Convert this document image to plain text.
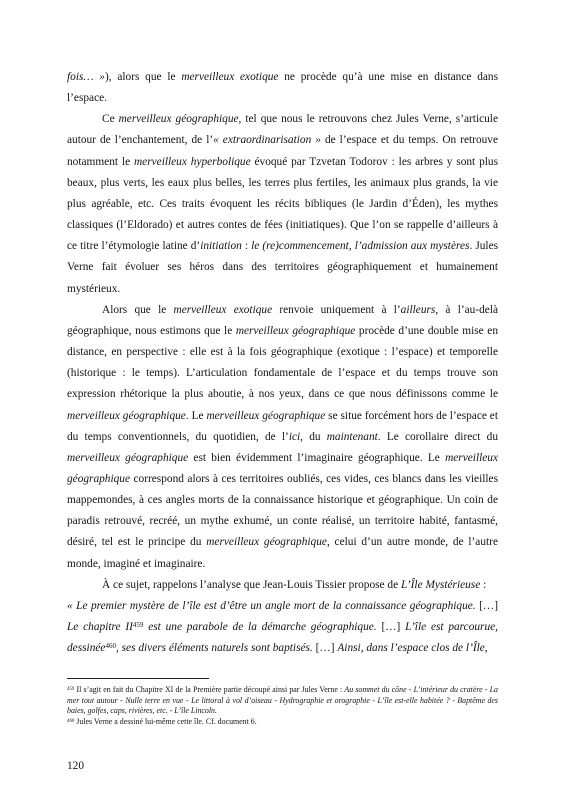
fois… »), alors que le merveilleux exotique ne procède qu’à une mise en distance dans l’espace.

Ce merveilleux géographique, tel que nous le retrouvons chez Jules Verne, s’articule autour de l’enchantement, de l’« extraordinarisation » de l’espace et du temps. On retrouve notamment le merveilleux hyperbolique évoqué par Tzvetan Todorov : les arbres y sont plus beaux, plus verts, les eaux plus belles, les terres plus fertiles, les animaux plus grands, la vie plus agréable, etc. Ces traits évoquent les récits bibliques (le Jardin d’Éden), les mythes classiques (l’Eldorado) et autres contes de fées (initiatiques). Que l’on se rappelle d’ailleurs à ce titre l’étymologie latine d’initiation : le (re)commencement, l’admission aux mystères. Jules Verne fait évoluer ses héros dans des territoires géographiquement et humainement mystérieux.

Alors que le merveilleux exotique renvoie uniquement à l’ailleurs, à l’au-delà géographique, nous estimons que le merveilleux géographique procède d’une double mise en distance, en perspective : elle est à la fois géographique (exotique : l’espace) et temporelle (historique : le temps). L’articulation fondamentale de l’espace et du temps trouve son expression rhétorique la plus aboutie, à nos yeux, dans ce que nous définissons comme le merveilleux géographique. Le merveilleux géographique se situe forcément hors de l’espace et du temps conventionnels, du quotidien, de l’ici, du maintenant. Le corollaire direct du merveilleux géographique est bien évidemment l’imaginaire géographique. Le merveilleux géographique correspond alors à ces territoires oubliés, ces vides, ces blancs dans les vieilles mappemondes, à ces angles morts de la connaissance historique et géographique. Un coin de paradis retrouvé, recréé, un mythe exhumé, un conte réalisé, un territoire habité, fantasmé, désiré, tel est le principe du merveilleux géographique, celui d’un autre monde, de l’autre monde, imaginé et imaginaire.

À ce sujet, rappelons l’analyse que Jean-Louis Tissier propose de L’Île Mystérieuse :

« Le premier mystère de l’île est d’être un angle mort de la connaissance géographique. […] Le chapitre II$^{459}$ est une parabole de la démarche géographique. […] L’île est parcourue, dessinée$^{460}$, ses divers éléments naturels sont baptisés. […] Ainsi, dans l’espace clos de l’Île,

$^{459}$ Il s’agit en fait du Chapitre XI de la Première partie découpé ainsi par Jules Verne : Au sommet du cône - L’intérieur du cratère - La mer tout autour - Nulle terre en vue - Le littoral à vol d’oiseau - Hydrographie et orographie - L’île est-elle habitée ? - Baptême des baies, golfes, caps, rivières, etc. - L’île Lincoln.

$^{460}$ Jules Verne a dessiné lui-même cette île. Cf. document 6.

120
